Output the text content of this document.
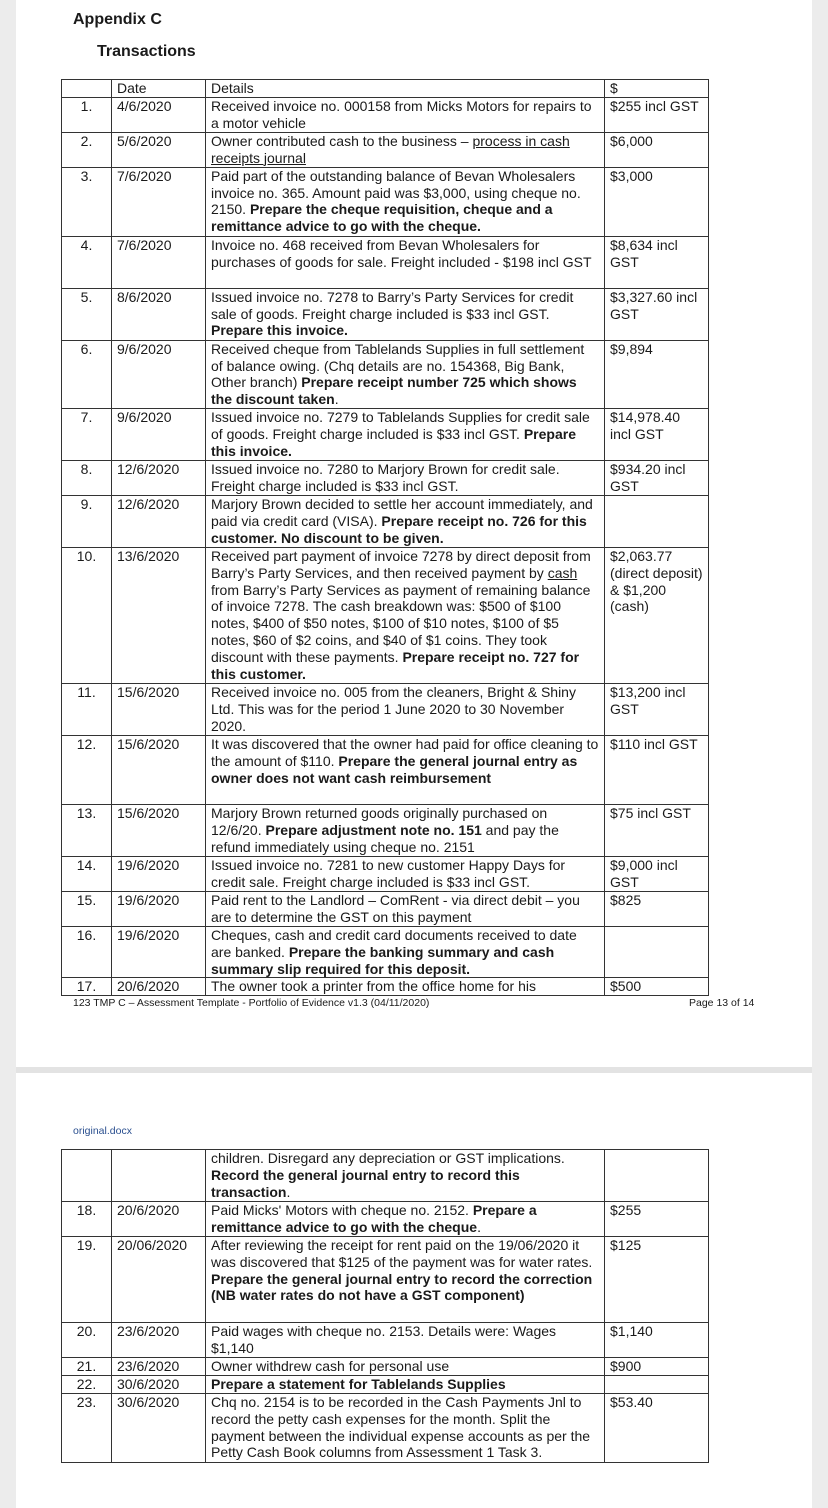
Appendix C
Transactions
	Date	Details	$
1.	4/6/2020	Received invoice no. 000158 from Micks Motors for repairs to a motor vehicle	$255 incl GST
2.	5/6/2020	Owner contributed cash to the business – process in cash receipts journal	$6,000
3.	7/6/2020	Paid part of the outstanding balance of Bevan Wholesalers invoice no. 365. Amount paid was $3,000, using cheque no. 2150. Prepare the cheque requisition, cheque and a remittance advice to go with the cheque.	$3,000
4.	7/6/2020	Invoice no. 468 received from Bevan Wholesalers for purchases of goods for sale. Freight included - $198 incl GST	$8,634 incl GST
5.	8/6/2020	Issued invoice no. 7278 to Barry’s Party Services for credit sale of goods. Freight charge included is $33 incl GST. Prepare this invoice.	$3,327.60 incl GST
6.	9/6/2020	Received cheque from Tablelands Supplies in full settlement of balance owing. (Chq details are no. 154368, Big Bank, Other branch) Prepare receipt number 725 which shows the discount taken.	$9,894
7.	9/6/2020	Issued invoice no. 7279 to Tablelands Supplies for credit sale of goods. Freight charge included is $33 incl GST. Prepare this invoice.	$14,978.40 incl GST
8.	12/6/2020	Issued invoice no. 7280 to Marjory Brown for credit sale. Freight charge included is $33 incl GST.	$934.20 incl GST
9.	12/6/2020	Marjory Brown decided to settle her account immediately, and paid via credit card (VISA). Prepare receipt no. 726 for this customer. No discount to be given.	
10.	13/6/2020	Received part payment of invoice 7278 by direct deposit from Barry’s Party Services, and then received payment by cash from Barry’s Party Services as payment of remaining balance of invoice 7278. The cash breakdown was: $500 of $100 notes, $400 of $50 notes, $100 of $10 notes, $100 of $5 notes, $60 of $2 coins, and $40 of $1 coins. They took discount with these payments. Prepare receipt no. 727 for this customer.	$2,063.77 (direct deposit) & $1,200 (cash)
11.	15/6/2020	Received invoice no. 005 from the cleaners, Bright & Shiny Ltd. This was for the period 1 June 2020 to 30 November 2020.	$13,200 incl GST
12.	15/6/2020	It was discovered that the owner had paid for office cleaning to the amount of $110. Prepare the general journal entry as owner does not want cash reimbursement	$110 incl GST
13.	15/6/2020	Marjory Brown returned goods originally purchased on 12/6/20. Prepare adjustment note no. 151 and pay the refund immediately using cheque no. 2151	$75 incl GST
14.	19/6/2020	Issued invoice no. 7281 to new customer Happy Days for credit sale. Freight charge included is $33 incl GST.	$9,000 incl GST
15.	19/6/2020	Paid rent to the Landlord – ComRent - via direct debit – you are to determine the GST on this payment	$825
16.	19/6/2020	Cheques, cash and credit card documents received to date are banked. Prepare the banking summary and cash summary slip required for this deposit.	
17.	20/6/2020	The owner took a printer from the office home for his	$500
123 TMP C – Assessment Template - Portfolio of Evidence v1.3 (04/11/2020)	Page 13 of 14
original.docx
		children. Disregard any depreciation or GST implications. Record the general journal entry to record this transaction.	
18.	20/6/2020	Paid Micks' Motors with cheque no. 2152. Prepare a remittance advice to go with the cheque.	$255
19.	20/06/2020	After reviewing the receipt for rent paid on the 19/06/2020 it was discovered that $125 of the payment was for water rates. Prepare the general journal entry to record the correction (NB water rates do not have a GST component)	$125
20.	23/6/2020	Paid wages with cheque no. 2153. Details were: Wages $1,140	$1,140
21.	23/6/2020	Owner withdrew cash for personal use	$900
22.	30/6/2020	Prepare a statement for Tablelands Supplies	
23.	30/6/2020	Chq no. 2154 is to be recorded in the Cash Payments Jnl to record the petty cash expenses for the month. Split the payment between the individual expense accounts as per the Petty Cash Book columns from Assessment 1 Task 3.	$53.40
